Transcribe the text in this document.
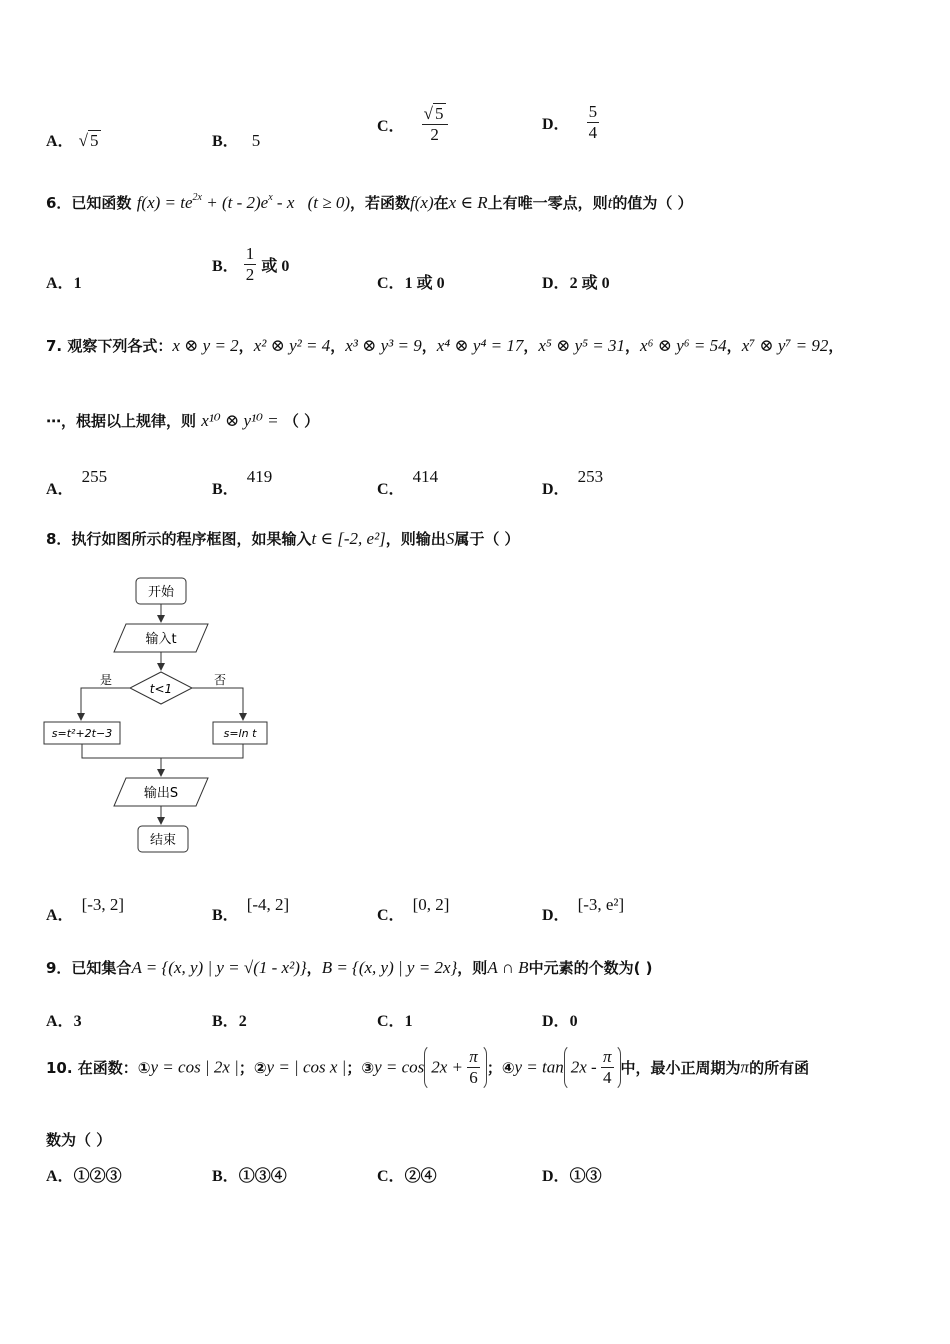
A． √ 5	B． 5
C． $\frac{√ 5}{2}$	D． $\frac{5}{4}$
6．已知函数 $f(x) = te^{2x} + (t - 2)e^x - x$ (t ≥ 0)，若函数f(x)在x ∈ R上有唯一零点，则t的值为（ ）
A．1
B． $\frac{1}{2}$ 或 0
C．1 或 0	D．2 或 0
7. 观察下列各式：x ⊗ y = 2，x² ⊗ y² = 4，x³ ⊗ y³ = 9，x⁴ ⊗ y⁴ = 17，x⁵ ⊗ y⁵ = 31，x⁶ ⊗ y⁶ = 54，x⁷ ⊗ y⁷ = 92，
⋯，根据以上规律，则 x¹⁰ ⊗ y¹⁰ = （ ）
A．255
B．419
C．414
D．253
8．执行如图所示的程序框图，如果输入t ∈ [-2, e²]，则输出S属于（ ）
开始
输入t
t<1
是	否
s=t²+2t−3	s=ln t
输出S
结束
A．[-3, 2]
B．[-4, 2]
C．[0, 2]
D．[-3, e²]
9．已知集合A = {(x, y) | y = √(1 - x²)}，B = {(x, y) | y = 2x}，则A ∩ B中元素的个数为( )
A．3	B．2	C．1	D．0
10. 在函数：①y = cos | 2x |；②y = | cos x |；③y = $\cos 2x + \frac{\pi}{6}$ ；④y = $\tan 2x - \frac{\pi}{4}$ 中，最小正周期为π的所有函
数为（ ）
A．①②③	B．①③④	C．②④	D．①③
